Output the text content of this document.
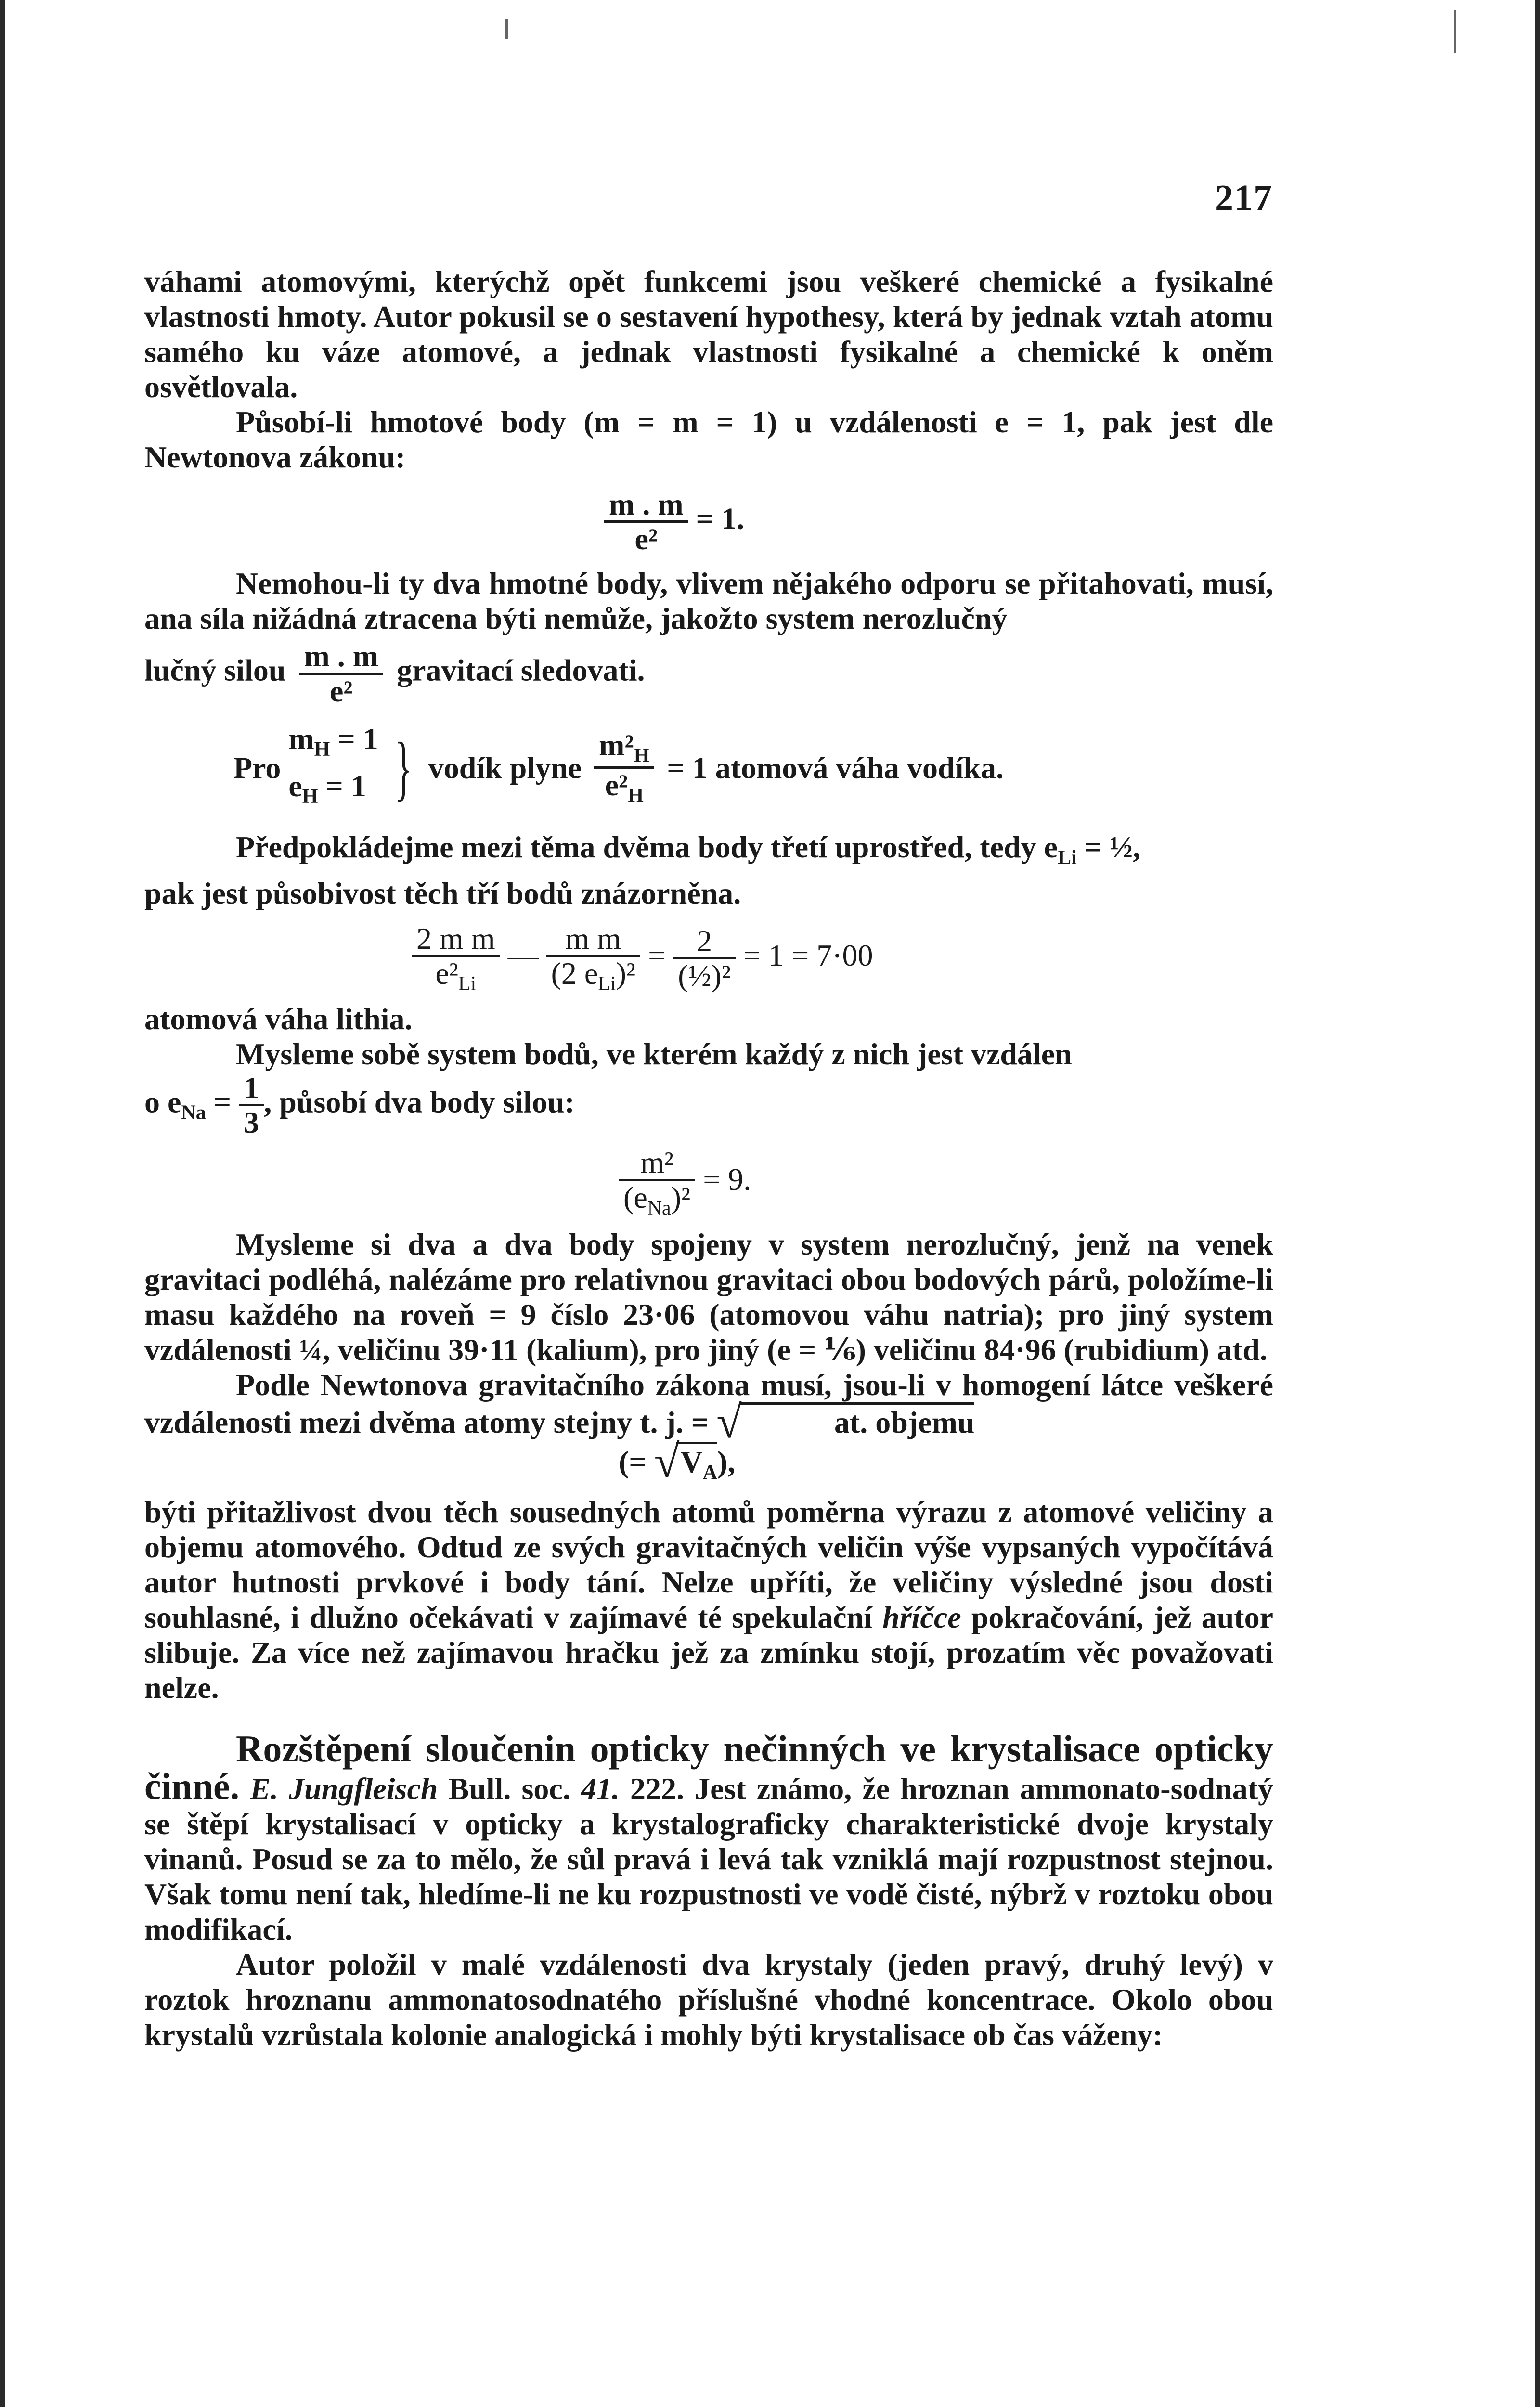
217

váhami atomovými, kterýchž opět funkcemi jsou veškeré chemické a fysikalné vlastnosti hmoty. Autor pokusil se o sestavení hypothesy, která by jednak vztah atomu samého ku váze atomové, a jednak vlastnosti fysikalné a chemické k oněm osvětlovala.

Působí-li hmotové body (m = m = 1) u vzdálenosti e = 1, pak jest dle Newtonova zákonu:

$\frac{m . m}{\text{e²}} = 1$.

Nemohou-li ty dva hmotné body, vlivem nějakého odporu se přitahovati, musí, ana síla nižádná ztracena býti nemůže, jakožto system nerozlučný

lučný silou $\frac{m . m}{\text{e²}}$ gravitací sledovati.
Pro
$m_H = 1$
$e_H = 1$ } vodík plyne $\frac{m^2_H}{e^2_H} = 1$ atomová váha vodíka.

Předpokládejme mezi těma dvěma body třetí uprostřed, tedy $e_{Li}$ = ½,

pak jest působivost těch tří bodů znázorněna.

$\frac{\text{2 m m}}{e^2_{Li}}$ — $\frac{\text{m m}}{(2 e_{Li})^2} = \frac{2}{\text{(½)²}} = 1 = 7\cdot 00$

atomová váha lithia.

Mysleme sobě system bodů, ve kterém každý z nich jest vzdálen

o $e_{Na} = \frac{1}{3}$ , působí dva body silou:
$\frac{\text{m²}}{(e_{Na})^2} = 9$.

Mysleme si dva a dva body spojeny v system nerozlučný, jenž na venek gravitaci podléhá, nalézáme pro relativnou gravitaci obou bodových párů, položíme-li masu každého na roveň = 9 číslo 23·06 (atomovou váhu natria); pro jiný system vzdálenosti ¼, veličinu 39·11 (kalium), pro jiný (e = ⅙) veličinu 84·96 (rubidium) atd.

Podle Newtonova gravitačního zákona musí, jsou-li v homogení látce veškeré vzdálenosti mezi dvěma atomy stejny t. j. = √	at. objemu

(= $√V_A$),

býti přitažlivost dvou těch sousedných atomů poměrna výrazu z atomové veličiny a objemu atomového. Odtud ze svých gravitačných veličin výše vypsaných vypočítává autor hutnosti prvkové i body tání. Nelze upříti, že veličiny výsledné jsou dosti souhlasné, i dlužno očekávati v zajímavé té spekulační hříčce pokračování, jež autor slibuje. Za více než zajímavou hračku jež za zmínku stojí, prozatím věc považovati nelze.

Rozštěpení sloučenin opticky nečinných ve krystalisace opticky činné. E. Jungfleisch Bull. soc. 41. 222. Jest známo, že hroznan ammonato-sodnatý se štěpí krystalisací v opticky a krystalograficky charakteristické dvoje krystaly vinanů. Posud se za to mělo, že sůl pravá i levá tak vzniklá mají rozpustnost stejnou. Však tomu není tak, hledíme-li ne ku rozpustnosti ve vodě čisté, nýbrž v roztoku obou modifikací.

Autor položil v malé vzdálenosti dva krystaly (jeden pravý, druhý levý) v roztok hroznanu ammonatosodnatého příslušné vhodné koncentrace. Okolo obou krystalů vzrůstala kolonie analogická i mohly býti krystalisace ob čas váženy:
